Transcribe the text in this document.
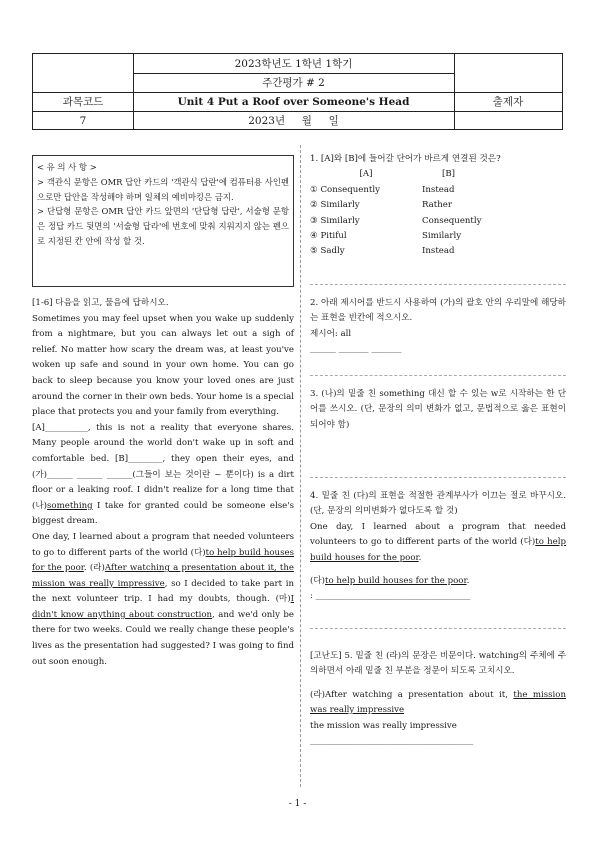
2023학년도 1학년 1학기
주간평가 # 2
과목코드	Unit 4 Put a Roof over Someone's Head	출제자
7	2023년     월     일
< 유 의 사 항 >
> 객관식 문항은 OMR 답안 카드의 '객관식 답란'에 컴퓨터용 사인펜으로만 답안을 작성해야 하며 일체의 예비마킹은 금지.
> 단답형 문항은 OMR 답안 카드 앞면의 '단답형 답란', 서술형 문항은 정답 카드 뒷면의 '서술형 답라'에 번호에 맞춰 지워지지 않는 펜으로 지정된 칸 안에 작성 할 것.

[1-6] 다음을 읽고, 물음에 답하시오.

Sometimes you may feel upset when you wake up suddenly from a nightmare, but you can always let out a sigh of relief. No matter how scary the dream was, at least you've woken up safe and sound in your own home. You can go back to sleep because you know your loved ones are just around the corner in their own beds. Your home is a special place that protects you and your family from everything.

[A]__________, this is not a reality that everyone shares. Many people around the world don't wake up in soft and comfortable bed. [B]________, they open their eyes, and (가)______ ______ ______(그들이 보는 것이란 ~ 뿐이다) is a dirt floor or a leaking roof. I didn't realize for a long time that (나)something I take for granted could be someone else's biggest dream.

One day, I learned about a program that needed volunteers to go to different parts of the world (다)to help build houses for the poor. (라)After watching a presentation about it, the mission was really impressive, so I decided to take part in the next volunteer trip. I had my doubts, though. (마)I didn't know anything about construction, and we'd only be there for two weeks. Could we really change these people's lives as the presentation had suggested? I was going to find out soon enough.

1. [A]와 [B]에 들어갈 단어가 바르게 연결된 것은?

[A]	[B]
① Consequently	Instead
② Similarly	Rather
③ Similarly	Consequently
④ Pitiful	Similarly
⑤ Sadly	Instead

2. 아래 제시어를 반드시 사용하여 (가)의 괄호 안의 우리말에 해당하는 표현을 빈칸에 적으시오.

제시어: all

______ _______ _______

3. (나)의 밑줄 친 something 대신 할 수 있는 w로 시작하는 한 단어를 쓰시오. (단, 문장의 의미 변화가 없고, 문법적으로 옳은 표현이 되어야 함)

4. 밑줄 친 (다)의 표현을 적절한 관계부사가 이끄는 절로 바꾸시오. (단, 문장의 의미변화가 없다도록 할 것)

One day, I learned about a program that needed volunteers to go to different parts of the world (다)to help build houses for the poor.

(다)to help build houses for the poor.

: ____________________________________

[고난도] 5. 밑줄 친 (라)의 문장은 비문이다. watching의 주체에 주의하면서 아래 밑줄 친 부분을 정문이 되도록 고치시오.

(라)After watching a presentation about it, the mission was really impressive

the mission was really impressive

______________________________________

- 1 -
